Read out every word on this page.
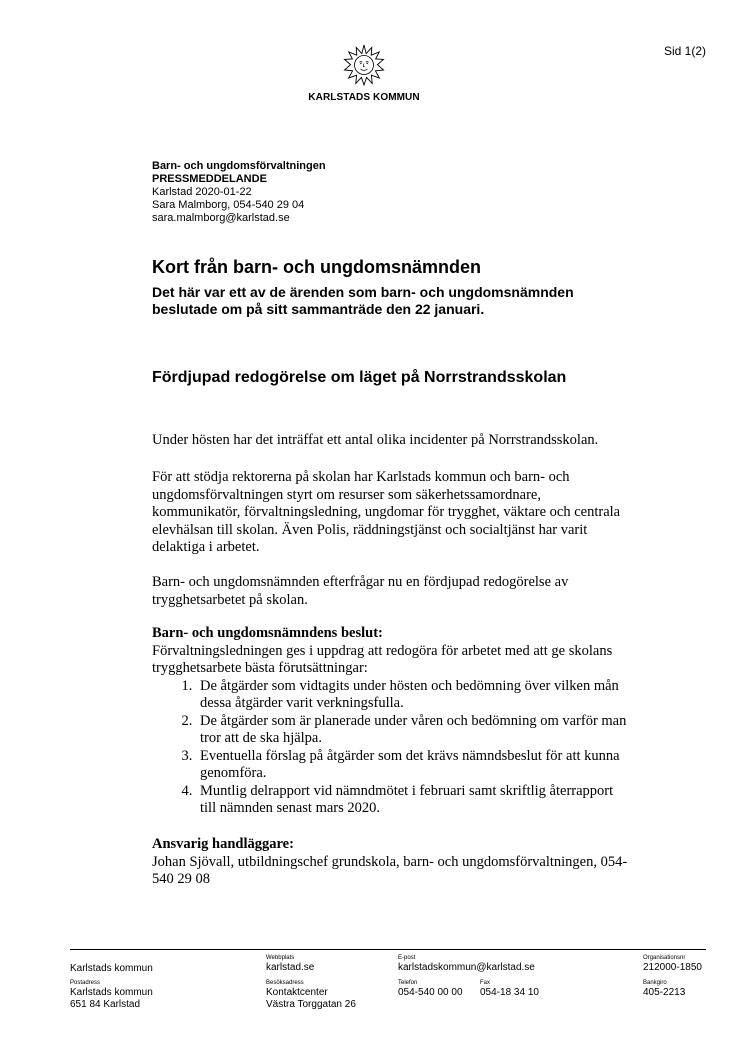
Sid 1(2)
KARLSTADS KOMMUN
Barn- och ungdomsförvaltningen
PRESSMEDDELANDE
Karlstad 2020-01-22
Sara Malmborg, 054-540 29 04
sara.malmborg@karlstad.se
Kort från barn- och ungdomsnämnden
Det här var ett av de ärenden som barn- och ungdomsnämnden beslutade om på sitt sammanträde den 22 januari.
Fördjupad redogörelse om läget på Norrstrandsskolan
Under hösten har det inträffat ett antal olika incidenter på Norrstrandsskolan.
För att stödja rektorerna på skolan har Karlstads kommun och barn- och ungdomsförvaltningen styrt om resurser som säkerhetssamordnare, kommunikatör, förvaltningsledning, ungdomar för trygghet, väktare och centrala elevhälsan till skolan. Även Polis, räddningstjänst och socialtjänst har varit delaktiga i arbetet.
Barn- och ungdomsnämnden efterfrågar nu en fördjupad redogörelse av trygghetsarbetet på skolan.
Barn- och ungdomsnämndens beslut:
Förvaltningsledningen ges i uppdrag att redogöra för arbetet med att ge skolans trygghetsarbete bästa förutsättningar:
1. De åtgärder som vidtagits under hösten och bedömning över vilken mån dessa åtgärder varit verkningsfulla.
2. De åtgärder som är planerade under våren och bedömning om varför man tror att de ska hjälpa.
3. Eventuella förslag på åtgärder som det krävs nämndsbeslut för att kunna genomföra.
4. Muntlig delrapport vid nämndmötet i februari samt skriftlig återrapport till nämnden senast mars 2020.
Ansvarig handläggare:
Johan Sjövall, utbildningschef grundskola, barn- och ungdomsförvaltningen, 054-540 29 08
Karlstads kommun
Webbplats
karlstad.se
E-post
karlstadskommun@karlstad.se
Organisationsnr
212000-1850
Postadress
Karlstads kommun
651 84 Karlstad
Besöksadress
Kontaktcenter
Västra Torggatan 26
Telefon
054-540 00 00
Fax
054-18 34 10
Bankgiro
405-2213
